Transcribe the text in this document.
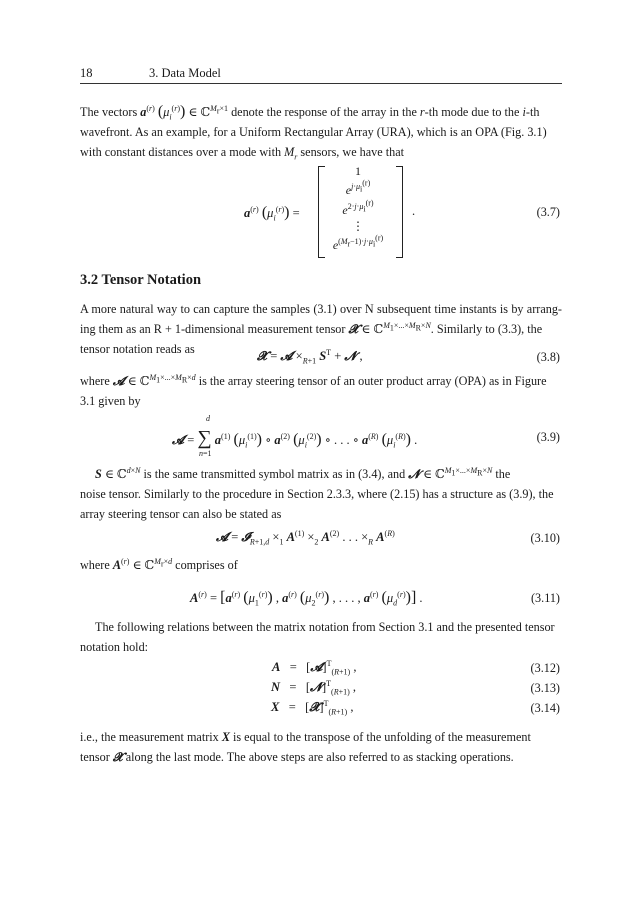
18	3. Data Model
The vectors $a^{(r)}$ $(\mu_i^{(r)})$ ∈ ℂ$^{M_r\times 1}$ denote the response of the array in the r-th mode due to the i-th
wavefront. As an example, for a Uniform Rectangular Array (URA), which is an OPA (Fig. 3.1)
with constant distances over a mode with $M_r$ sensors, we have that
$a^{(r)}$ $(\mu_i^{(r)})$ =
1
$e^{j\cdot\mu_i^{(r)}}$
$e^{2\cdot j\cdot\mu_i^{(r)}}$
⋮
$e^{(M_r-1)\cdot j\cdot\mu_i^{(r)}}$
.	(3.7)
3.2 Tensor Notation
A more natural way to can capture the samples (3.1) over N subsequent time instants is by arrang-
ing them as an R + 1-dimensional measurement tensor 𝓧 ∈ ℂ$^{M_1\times...\times M_R\times N}$. Similarly to (3.3), the
tensor notation reads as	𝓧 = 𝓐 $\times_{R+1}$ $S^T$ + 𝓝 ,	(3.8)
where 𝓐 ∈ ℂ$^{M_1\times...\times M_R\times d}$ is the array steering tensor of an outer product array (OPA) as in Figure
3.1 given by
d
𝓐 = ∑ $a^{(1)}$ $(\mu_i^{(1)})$ ∘ $a^{(2)}$ $(\mu_i^{(2)})$ ∘ . . . ∘ $a^{(R)}$ $(\mu_i^{(R)})$ .
n=1
(3.9)
S ∈ ℂ$^{d\times N}$ is the same transmitted symbol matrix as in (3.4), and 𝓝 ∈ ℂ$^{M_1\times...\times M_R\times N}$ the
noise tensor. Similarly to the procedure in Section 2.3.3, where (2.15) has a structure as (3.9), the
array steering tensor can also be stated as
𝓐 = 𝓘$_{R+1,d}$ $\times_1$ $A^{(1)} \times_2$ $A^{(2)}$ . . . $\times_R$ $A^{(R)}$	(3.10)
where $A^{(r)}$ ∈ ℂ$^{M_r\times d}$ comprises of
$A^{(r)} = [a^{(r)}$ $(\mu_1^{(r)})$ , $a^{(r)}$ $(\mu_2^{(r)})$ , . . . , $a^{(r)}$ $(\mu_d^{(r)})$] .	(3.11)
The following relations between the matrix notation from Section 3.1 and the presented tensor
notation hold:
A   =   [𝓐]$^T_{(R+1)}$ ,	(3.12)
N   =   [𝓝]$^T_{(R+1)}$ ,	(3.13)
X   =   [𝓧]$^T_{(R+1)}$ ,	(3.14)
i.e., the measurement matrix X is equal to the transpose of the unfolding of the measurement
tensor 𝓧 along the last mode. The above steps are also referred to as stacking operations.
